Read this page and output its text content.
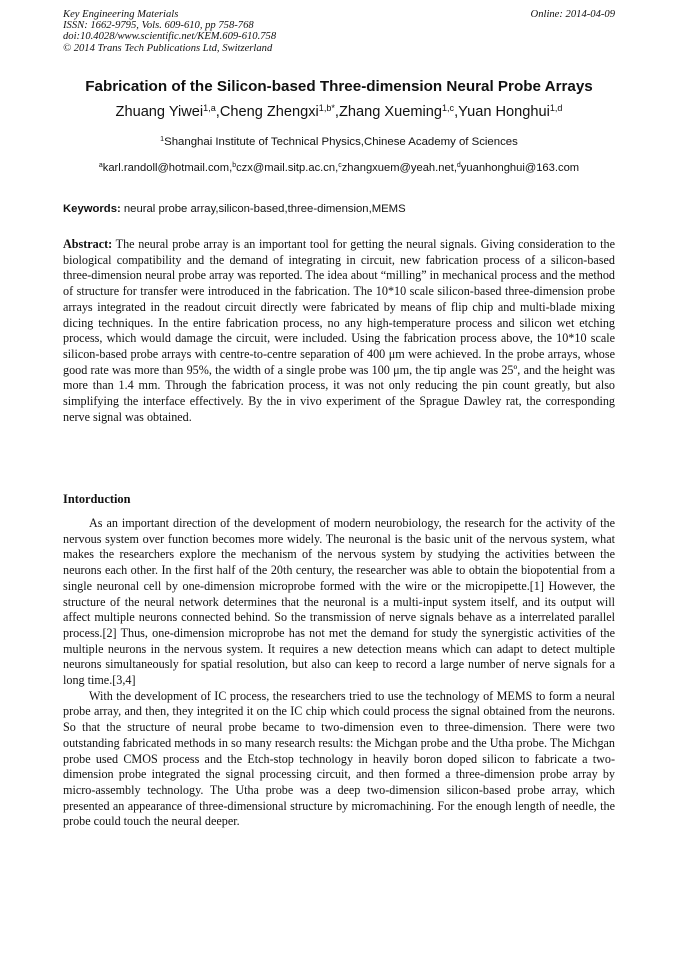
Key Engineering Materials
ISSN: 1662-9795, Vols. 609-610, pp 758-768
doi:10.4028/www.scientific.net/KEM.609-610.758
© 2014 Trans Tech Publications Ltd, Switzerland
Online: 2014-04-09
Fabrication of the Silicon-based Three-dimension Neural Probe Arrays
Zhuang Yiwei$^{1,a}$,Cheng Zhengxi$^{1,b*}$,Zhang Xueming$^{1,c}$,Yuan Honghui$^{1,d}$
$^1$Shanghai Institute of Technical Physics,Chinese Academy of Sciences
$^a$karl.randoll@hotmail.com,$^b$czx@mail.sitp.ac.cn,$^c$zhangxuem@yeah.net,$^d$yuanhonghui@163.com
Keywords: neural probe array,silicon-based,three-dimension,MEMS

Abstract: The neural probe array is an important tool for getting the neural signals. Giving consideration to the biological compatibility and the demand of integrating in circuit, new fabrication process of a silicon-based three-dimension neural probe array was reported. The idea about “milling” in mechanical process and the method of structure for transfer were introduced in the fabrication. The 10*10 scale silicon-based three-dimension probe arrays integrated in the readout circuit directly were fabricated by means of flip chip and multi-blade mixing dicing techniques. In the entire fabrication process, no any high-temperature process and silicon wet etching process, which would damage the circuit, were included. Using the fabrication process above, the 10*10 scale silicon-based probe arrays with centre-to-centre separation of 400 μm were achieved. In the probe arrays, whose good rate was more than 95%, the width of a single probe was 100 μm, the tip angle was 25º, and the height was more than 1.4 mm. Through the fabrication process, it was not only reducing the pin count greatly, but also simplifying the interface effectively. By the in vivo experiment of the Sprague Dawley rat, the corresponding nerve signal was obtained.

Intorduction

As an important direction of the development of modern neurobiology, the research for the activity of the nervous system over function becomes more widely. The neuronal is the basic unit of the nervous system, what makes the researchers explore the mechanism of the nervous system by studying the activities between the neurons each other. In the first half of the 20th century, the researcher was able to obtain the biopotential from a single neuronal cell by one-dimension microprobe formed with the wire or the micropipette.[1] However, the structure of the neural network determines that the neuronal is a multi-input system itself, and its output will affect multiple neurons connected behind. So the transmission of nerve signals behave as a interrelated parallel process.[2] Thus, one-dimension microprobe has not met the demand for study the synergistic activities of the multiple neurons in the nervous system. It requires a new detection means which can adapt to detect multiple neurons simultaneously for spatial resolution, but also can keep to record a large number of nerve signals for a long time.[3,4]

With the development of IC process, the researchers tried to use the technology of MEMS to form a neural probe array, and then, they integrited it on the IC chip which could process the signal obtained from the neurons. So that the structure of neural probe became to two-dimension even to three-dimension. There were two outstanding fabricated methods in so many research results: the Michgan probe and the Utha probe. The Michgan probe used CMOS process and the Etch-stop technology in heavily boron doped silicon to fabricate a two-dimension probe integrated the signal processing circuit, and then formed a three-dimension probe array by micro-assembly technology. The Utha probe was a deep two-dimension silicon-based probe array, which presented an appearance of three-dimensional structure by micromachining. For the enough length of needle, the probe could touch the neural deeper.
